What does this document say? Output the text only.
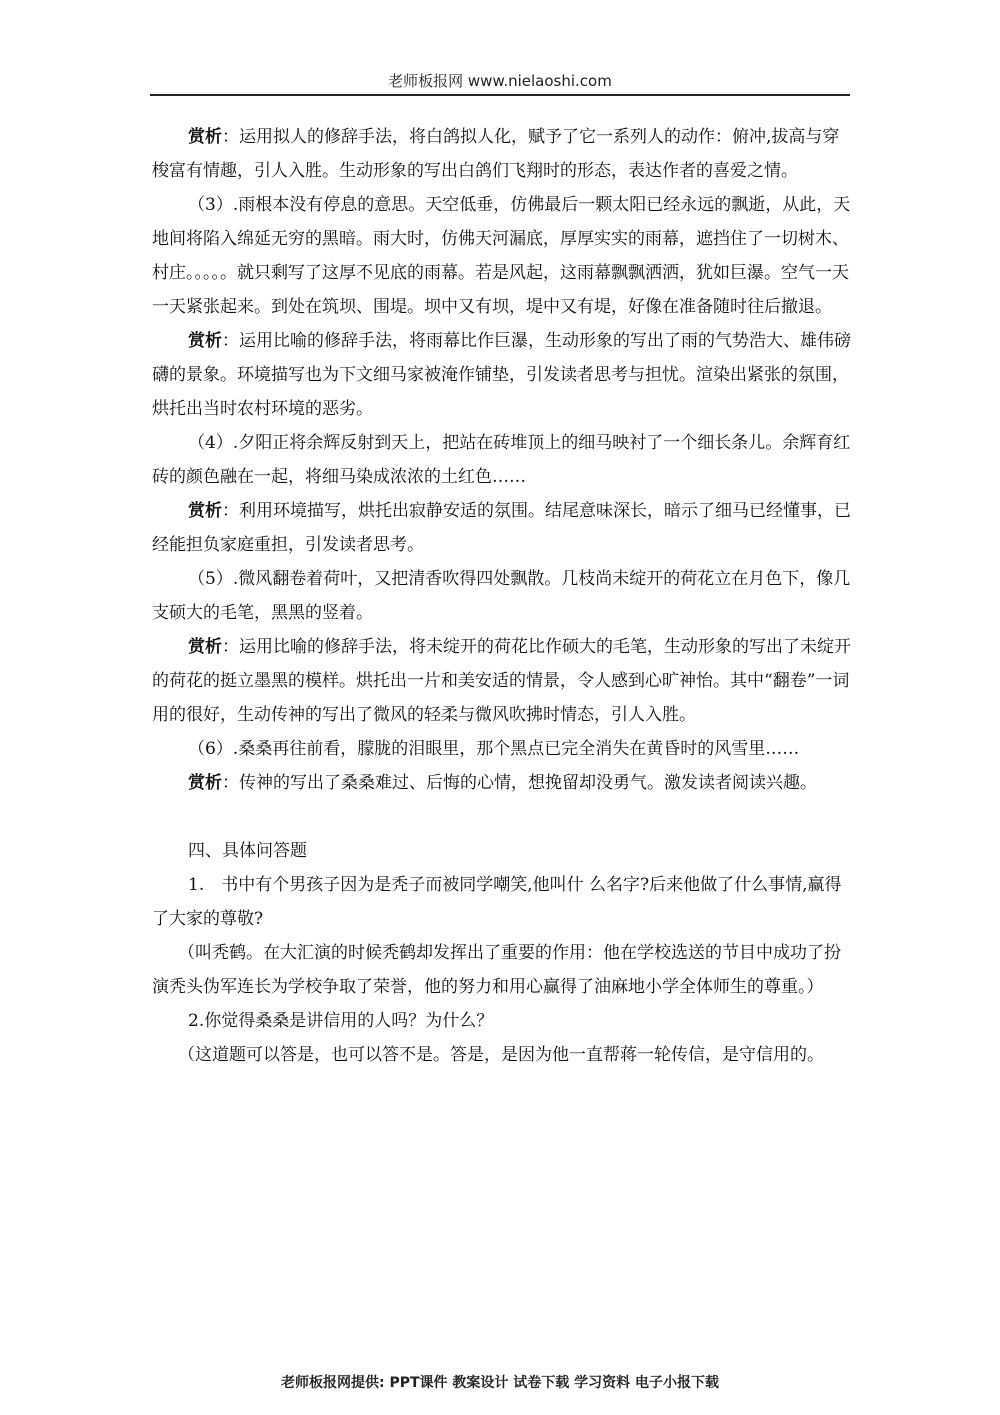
老师板报网 www.nielaoshi.com

赏析：运用拟人的修辞手法，将白鸽拟人化，赋予了它一系列人的动作：俯冲,拔高与穿梭富有情趣，引人入胜。生动形象的写出白鸽们飞翔时的形态，表达作者的喜爱之情。

（3）.雨根本没有停息的意思。天空低垂，仿佛最后一颗太阳已经永远的飘逝，从此，天地间将陷入绵延无穷的黑暗。雨大时，仿佛天河漏底，厚厚实实的雨幕，遮挡住了一切树木、村庄。。。。。就只剩写了这厚不见底的雨幕。若是风起，这雨幕飘飘洒洒，犹如巨瀑。空气一天一天紧张起来。到处在筑坝、围堤。坝中又有坝，堤中又有堤，好像在准备随时往后撤退。

赏析：运用比喻的修辞手法，将雨幕比作巨瀑，生动形象的写出了雨的气势浩大、雄伟磅礴的景象。环境描写也为下文细马家被淹作铺垫，引发读者思考与担忧。渲染出紧张的氛围，烘托出当时农村环境的恶劣。

（4）.夕阳正将余辉反射到天上，把站在砖堆顶上的细马映衬了一个细长条儿。余辉育红砖的颜色融在一起，将细马染成浓浓的土红色……

赏析：利用环境描写，烘托出寂静安适的氛围。结尾意味深长，暗示了细马已经懂事，已经能担负家庭重担，引发读者思考。

（5）.微风翻卷着荷叶，又把清香吹得四处飘散。几枝尚未绽开的荷花立在月色下，像几支硕大的毛笔，黑黑的竖着。

赏析：运用比喻的修辞手法，将未绽开的荷花比作硕大的毛笔，生动形象的写出了未绽开的荷花的挺立墨黑的模样。烘托出一片和美安适的情景，令人感到心旷神怡。其中“翻卷”一词用的很好，生动传神的写出了微风的轻柔与微风吹拂时情态，引人入胜。

（6）.桑桑再往前看，朦胧的泪眼里，那个黑点已完全消失在黄昏时的风雪里……

赏析：传神的写出了桑桑难过、后悔的心情，想挽留却没勇气。激发读者阅读兴趣。

四、具体问答题

1.　书中有个男孩子因为是秃子而被同学嘲笑,他叫什 么名字?后来他做了什么事情,赢得了大家的尊敬?

（叫秃鹤。在大汇演的时候秃鹤却发挥出了重要的作用：他在学校选送的节目中成功了扮演秃头伪军连长为学校争取了荣誉，他的努力和用心赢得了油麻地小学全体师生的尊重。）

2.你觉得桑桑是讲信用的人吗？为什么？

（这道题可以答是，也可以答不是。答是，是因为他一直帮蒋一轮传信，是守信用的。

老师板报网提供: PPT课件 教案设计 试卷下载 学习资料 电子小报下载
